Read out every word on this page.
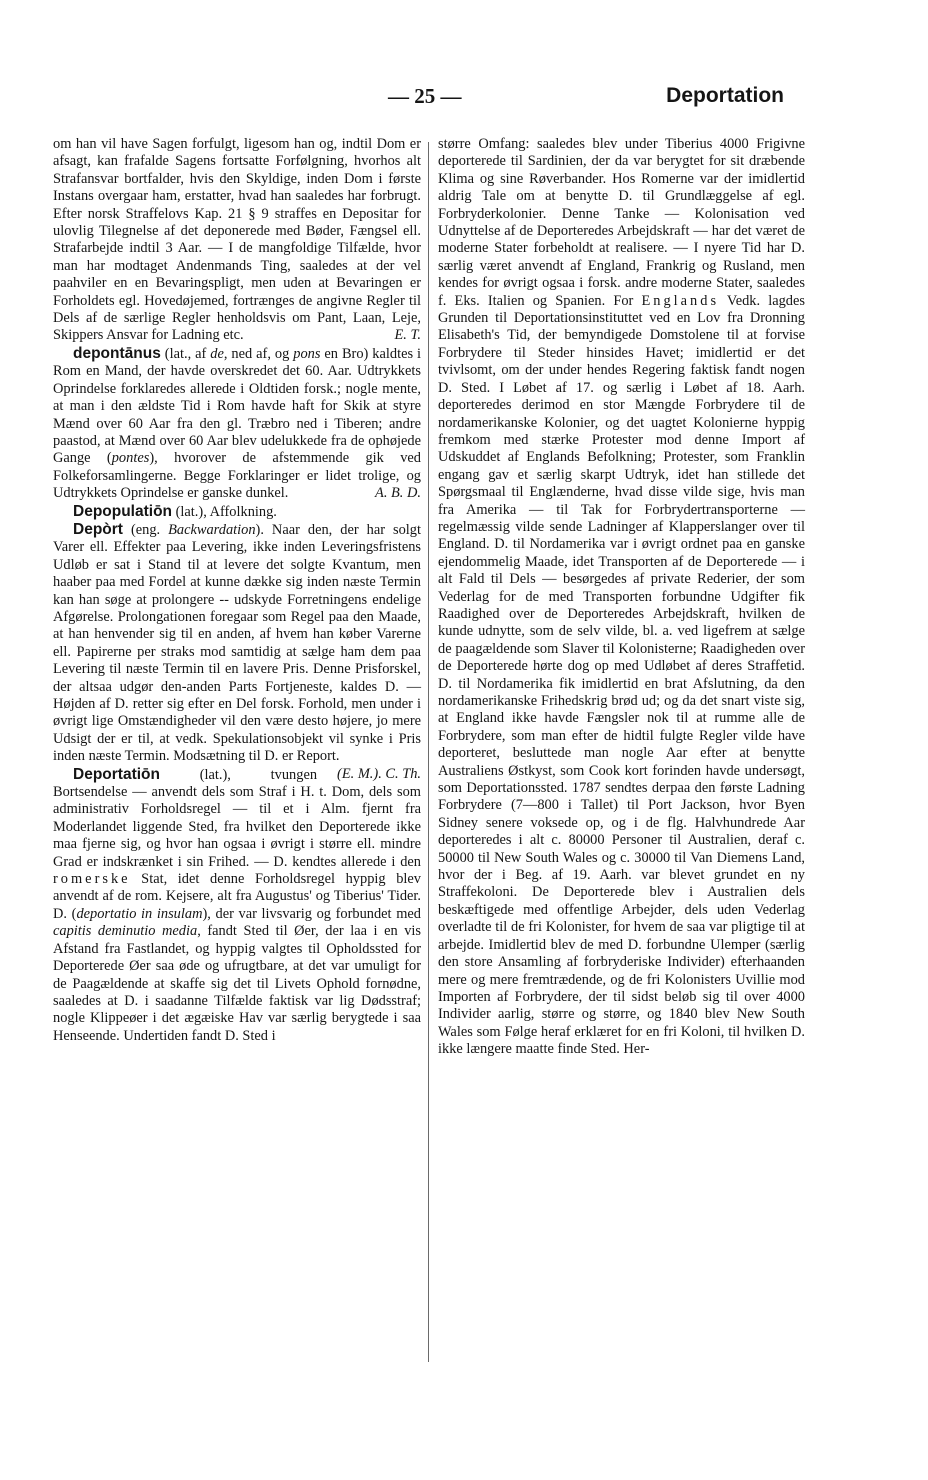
— 25 —	Deportation

om han vil have Sagen forfulgt, ligesom han og, indtil Dom er afsagt, kan frafalde Sagens fortsatte Forfølgning, hvorhos alt Strafansvar bortfalder, hvis den Skyldige, inden Dom i første Instans overgaar ham, erstatter, hvad han saaledes har forbrugt. Efter norsk Straffelovs Kap. 21 § 9 straffes en Depositar for ulovlig Tilegnelse af det deponerede med Bøder, Fængsel ell. Strafarbejde indtil 3 Aar. — I de mangfoldige Tilfælde, hvor man har modtaget Andenmands Ting, saaledes at der vel paahviler en en Bevaringspligt, men uden at Bevaringen er Forholdets egl. Hovedøjemed, fortrænges de angivne Regler til Dels af de særlige Regler henholdsvis om Pant, Laan, Leje, Skippers Ansvar for Ladning etc.	E. T.

depontānus (lat., af de, ned af, og pons en Bro) kaldtes i Rom en Mand, der havde overskredet det 60. Aar. Udtrykkets Oprindelse forklaredes allerede i Oldtiden forsk.; nogle mente, at man i den ældste Tid i Rom havde haft for Skik at styre Mænd over 60 Aar fra den gl. Træbro ned i Tiberen; andre paastod, at Mænd over 60 Aar blev udelukkede fra de ophøjede Gange (pontes), hvorover de afstemmende gik ved Folkeforsamlingerne. Begge Forklaringer er lidet trolige, og Udtrykkets Oprindelse er ganske dunkel.	A. B. D.

Depopulatiōn (lat.), Affolkning.

Depòrt (eng. Backwardation). Naar den, der har solgt Varer ell. Effekter paa Levering, ikke inden Leveringsfristens Udløb er sat i Stand til at levere det solgte Kvantum, men haaber paa med Fordel at kunne dække sig inden næste Termin kan han søge at prolongere -- udskyde Forretningens endelige Afgørelse. Prolongationen foregaar som Regel paa den Maade, at han henvender sig til en anden, af hvem han køber Varerne ell. Papirerne per straks mod samtidig at sælge ham dem paa Levering til næste Termin til en lavere Pris. Denne Prisforskel, der altsaa udgør den-anden Parts Fortjeneste, kaldes D. — Højden af D. retter sig efter en Del forsk. Forhold, men under i øvrigt lige Omstændigheder vil den være desto højere, jo mere Udsigt der er til, at vedk. Spekulationsobjekt vil synke i Pris inden næste Termin. Modsætning til D. er Report.
(E. M.). C. Th.

Deportatiōn (lat.), tvungen Bortsendelse — anvendt dels som Straf i H. t. Dom, dels som administrativ Forholdsregel — til et i Alm. fjernt fra Moderlandet liggende Sted, fra hvilket den Deporterede ikke maa fjerne sig, og hvor han ogsaa i øvrigt i større ell. mindre Grad er indskrænket i sin Frihed. — D. kendtes allerede i den romerske Stat, idet denne Forholdsregel hyppig blev anvendt af de rom. Kejsere, alt fra Augustus' og Tiberius' Tider. D. (deportatio in insulam), der var livsvarig og forbundet med capitis deminutio media, fandt Sted til Øer, der laa i en vis Afstand fra Fastlandet, og hyppig valgtes til Opholdssted for Deporterede Øer saa øde og ufrugtbare, at det var umuligt for de Paagældende at skaffe sig det til Livets Ophold fornødne, saaledes at D. i saadanne Tilfælde faktisk var lig Dødsstraf; nogle Klippeøer i det ægæiske Hav var særlig berygtede i saa Henseende. Undertiden fandt D. Sted i

større Omfang: saaledes blev under Tiberius 4000 Frigivne deporterede til Sardinien, der da var berygtet for sit dræbende Klima og sine Røverbander. Hos Romerne var der imidlertid aldrig Tale om at benytte D. til Grundlæggelse af egl. Forbryderkolonier. Denne Tanke — Kolonisation ved Udnyttelse af de Deporteredes Arbejdskraft — har det været de moderne Stater forbeholdt at realisere. — I nyere Tid har D. særlig været anvendt af England, Frankrig og Rusland, men kendes for øvrigt ogsaa i forsk. andre moderne Stater, saaledes f. Eks. Italien og Spanien. For Englands Vedk. lagdes Grunden til Deportationsinstituttet ved en Lov fra Dronning Elisabeth's Tid, der bemyndigede Domstolene til at forvise Forbrydere til Steder hinsides Havet; imidlertid er det tvivlsomt, om der under hendes Regering faktisk fandt nogen D. Sted. I Løbet af 17. og særlig i Løbet af 18. Aarh. deporteredes derimod en stor Mængde Forbrydere til de nordamerikanske Kolonier, og det uagtet Kolonierne hyppig fremkom med stærke Protester mod denne Import af Udskuddet af Englands Befolkning; Protester, som Franklin engang gav et særlig skarpt Udtryk, idet han stillede det Spørgsmaal til Englænderne, hvad disse vilde sige, hvis man fra Amerika — til Tak for Forbrydertransporterne — regelmæssig vilde sende Ladninger af Klapperslanger over til England. D. til Nordamerika var i øvrigt ordnet paa en ganske ejendommelig Maade, idet Transporten af de Deporterede — i alt Fald til Dels — besørgedes af private Rederier, der som Vederlag for de med Transporten forbundne Udgifter fik Raadighed over de Deporteredes Arbejdskraft, hvilken de kunde udnytte, som de selv vilde, bl. a. ved ligefrem at sælge de paagældende som Slaver til Kolonisterne; Raadigheden over de Deporterede hørte dog op med Udløbet af deres Straffetid. D. til Nordamerika fik imidlertid en brat Afslutning, da den nordamerikanske Frihedskrig brød ud; og da det snart viste sig, at England ikke havde Fængsler nok til at rumme alle de Forbrydere, som man efter de hidtil fulgte Regler vilde have deporteret, besluttede man nogle Aar efter at benytte Australiens Østkyst, som Cook kort forinden havde undersøgt, som Deportationssted. 1787 sendtes derpaa den første Ladning Forbrydere (7—800 i Tallet) til Port Jackson, hvor Byen Sidney senere voksede op, og i de flg. Halvhundrede Aar deporteredes i alt c. 80000 Personer til Australien, deraf c. 50000 til New South Wales og c. 30000 til Van Diemens Land, hvor der i Beg. af 19. Aarh. var blevet grundet en ny Straffekoloni. De Deporterede blev i Australien dels beskæftigede med offentlige Arbejder, dels uden Vederlag overladte til de fri Kolonister, for hvem de saa var pligtige til at arbejde. Imidlertid blev de med D. forbundne Ulemper (særlig den store Ansamling af forbryderiske Individer) efterhaanden mere og mere fremtrædende, og de fri Kolonisters Uvillie mod Importen af Forbrydere, der til sidst beløb sig til over 4000 Individer aarlig, større og større, og 1840 blev New South Wales som Følge heraf erklæret for en fri Koloni, til hvilken D. ikke længere maatte finde Sted. Her-
